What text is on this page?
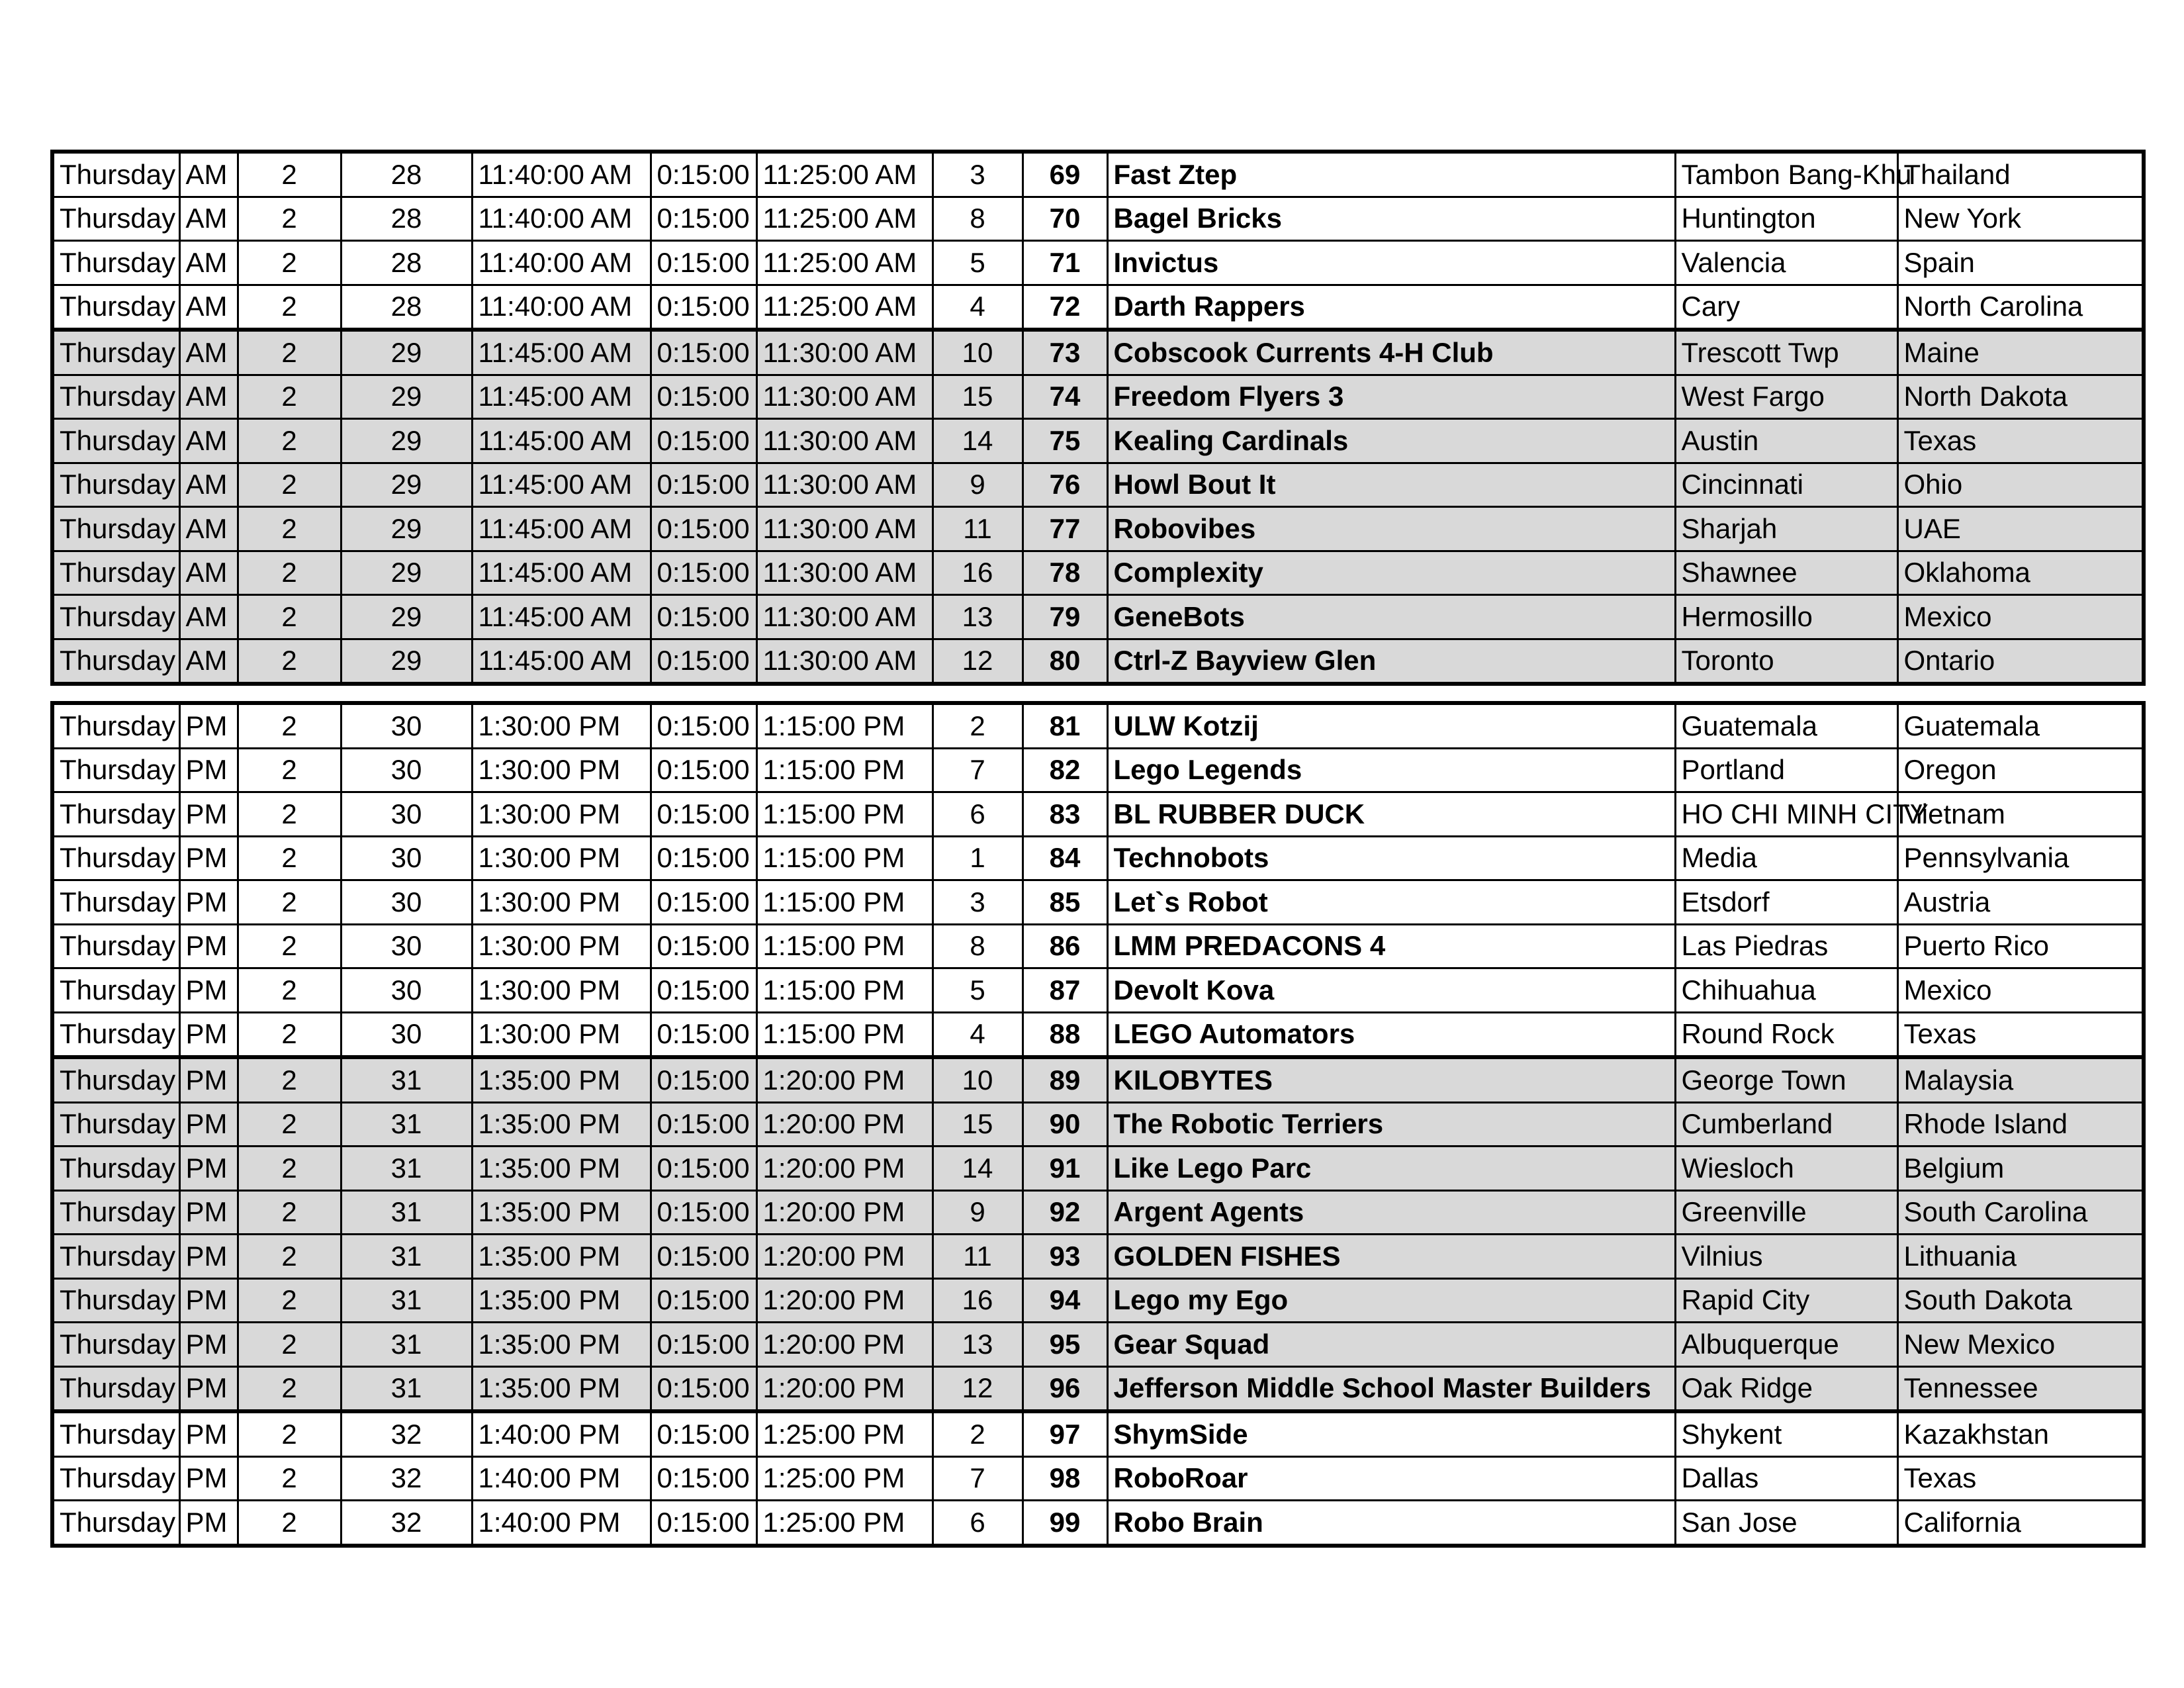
Thursday	AM	2	28	11:40:00 AM	0:15:00	11:25:00 AM	3	69	Fast Ztep	Tambon Bang-Khu	Thailand
Thursday	AM	2	28	11:40:00 AM	0:15:00	11:25:00 AM	8	70	Bagel Bricks	Huntington	New York
Thursday	AM	2	28	11:40:00 AM	0:15:00	11:25:00 AM	5	71	Invictus	Valencia	Spain
Thursday	AM	2	28	11:40:00 AM	0:15:00	11:25:00 AM	4	72	Darth Rappers	Cary	North Carolina
Thursday	AM	2	29	11:45:00 AM	0:15:00	11:30:00 AM	10	73	Cobscook Currents 4-H Club	Trescott Twp	Maine
Thursday	AM	2	29	11:45:00 AM	0:15:00	11:30:00 AM	15	74	Freedom Flyers 3	West Fargo	North Dakota
Thursday	AM	2	29	11:45:00 AM	0:15:00	11:30:00 AM	14	75	Kealing Cardinals	Austin	Texas
Thursday	AM	2	29	11:45:00 AM	0:15:00	11:30:00 AM	9	76	Howl Bout It	Cincinnati	Ohio
Thursday	AM	2	29	11:45:00 AM	0:15:00	11:30:00 AM	11	77	Robovibes	Sharjah	UAE
Thursday	AM	2	29	11:45:00 AM	0:15:00	11:30:00 AM	16	78	Complexity	Shawnee	Oklahoma
Thursday	AM	2	29	11:45:00 AM	0:15:00	11:30:00 AM	13	79	GeneBots	Hermosillo	Mexico
Thursday	AM	2	29	11:45:00 AM	0:15:00	11:30:00 AM	12	80	Ctrl-Z Bayview Glen	Toronto	Ontario
Thursday	PM	2	30	1:30:00 PM	0:15:00	1:15:00 PM	2	81	ULW Kotzij	Guatemala	Guatemala
Thursday	PM	2	30	1:30:00 PM	0:15:00	1:15:00 PM	7	82	Lego Legends	Portland	Oregon
Thursday	PM	2	30	1:30:00 PM	0:15:00	1:15:00 PM	6	83	BL RUBBER DUCK	HO CHI MINH CITY	Vietnam
Thursday	PM	2	30	1:30:00 PM	0:15:00	1:15:00 PM	1	84	Technobots	Media	Pennsylvania
Thursday	PM	2	30	1:30:00 PM	0:15:00	1:15:00 PM	3	85	Let`s Robot	Etsdorf	Austria
Thursday	PM	2	30	1:30:00 PM	0:15:00	1:15:00 PM	8	86	LMM PREDACONS 4	Las Piedras	Puerto Rico
Thursday	PM	2	30	1:30:00 PM	0:15:00	1:15:00 PM	5	87	Devolt Kova	Chihuahua	Mexico
Thursday	PM	2	30	1:30:00 PM	0:15:00	1:15:00 PM	4	88	LEGO Automators	Round Rock	Texas
Thursday	PM	2	31	1:35:00 PM	0:15:00	1:20:00 PM	10	89	KILOBYTES	George Town	Malaysia
Thursday	PM	2	31	1:35:00 PM	0:15:00	1:20:00 PM	15	90	The Robotic Terriers	Cumberland	Rhode Island
Thursday	PM	2	31	1:35:00 PM	0:15:00	1:20:00 PM	14	91	Like Lego Parc	Wiesloch	Belgium
Thursday	PM	2	31	1:35:00 PM	0:15:00	1:20:00 PM	9	92	Argent Agents	Greenville	South Carolina
Thursday	PM	2	31	1:35:00 PM	0:15:00	1:20:00 PM	11	93	GOLDEN FISHES	Vilnius	Lithuania
Thursday	PM	2	31	1:35:00 PM	0:15:00	1:20:00 PM	16	94	Lego my Ego	Rapid City	South Dakota
Thursday	PM	2	31	1:35:00 PM	0:15:00	1:20:00 PM	13	95	Gear Squad	Albuquerque	New Mexico
Thursday	PM	2	31	1:35:00 PM	0:15:00	1:20:00 PM	12	96	Jefferson Middle School Master Builders	Oak Ridge	Tennessee
Thursday	PM	2	32	1:40:00 PM	0:15:00	1:25:00 PM	2	97	ShymSide	Shykent	Kazakhstan
Thursday	PM	2	32	1:40:00 PM	0:15:00	1:25:00 PM	7	98	RoboRoar	Dallas	Texas
Thursday	PM	2	32	1:40:00 PM	0:15:00	1:25:00 PM	6	99	Robo Brain	San Jose	California
